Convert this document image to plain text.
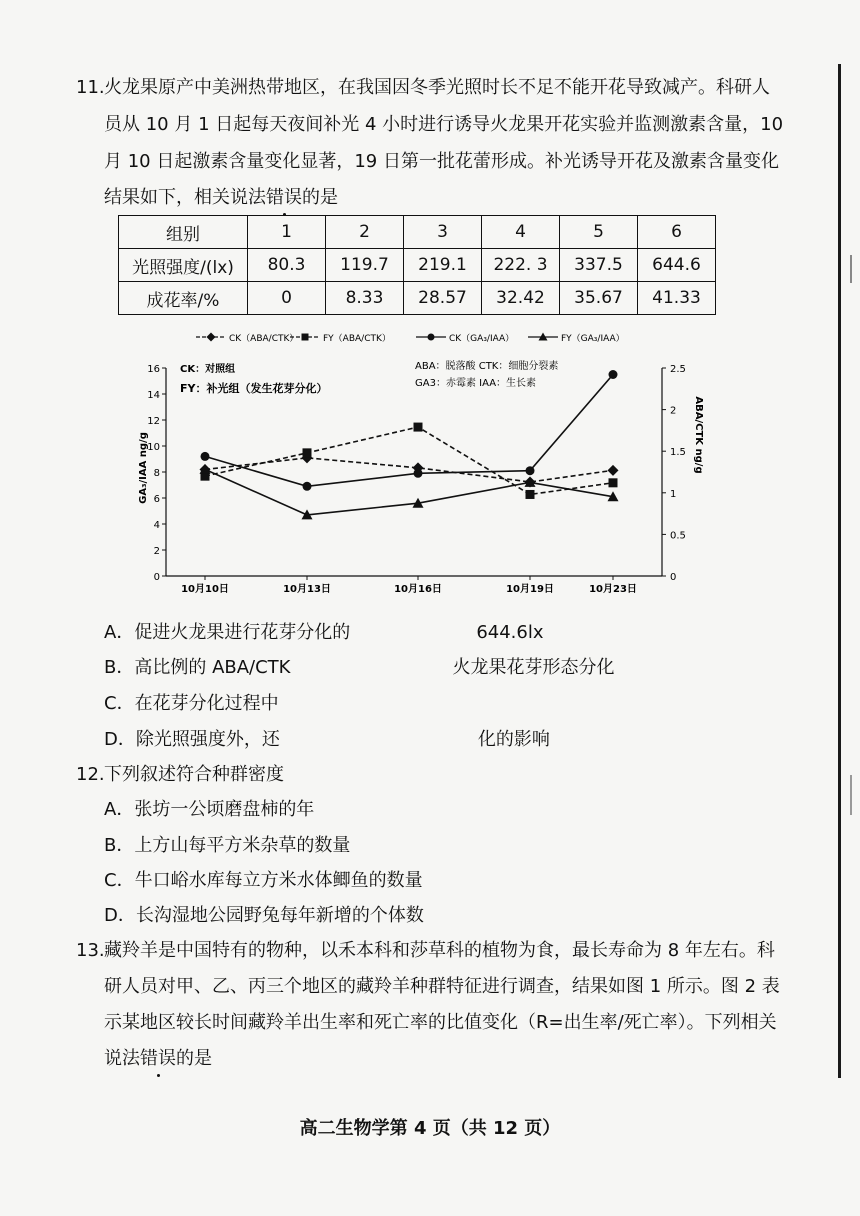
11. 火龙果原产中美洲热带地区，在我国因冬季光照时长不足不能开花导致减产。科研人
员从 10 月 1 日起每天夜间补光 4 小时进行诱导火龙果开花实验并监测激素含量，10
月 10 日起激素含量变化显著，19 日第一批花蕾形成。补光诱导开花及激素含量变化
结果如下，相关说法错误的是
组别	1	2	3	4	5	6
光照强度/(lx)	80.3	119.7	219.1	222. 3	337.5	644.6
成花率/%	0	8.33	28.57	32.42	35.67	41.33
0
2
4
6
8
10
12
14
16
0
0.5
1
1.5
2
2.5
10月10日	10月13日	10月16日	10月19日	10月23日
GA₃/IAA ng/g	ABA/CTK ng/g
CK（ABA/CTK）	FY（ABA/CTK）	CK（GA₃/IAA）	FY（GA₃/IAA）
CK：对照组
FY：补光组（发生花芽分化）
ABA：脱落酸 CTK：细胞分裂素
GA3：赤霉素 IAA：生长素
A．促进火龙果进行花芽分化的　　　　　　　	644.6lx
B．高比例的 ABA/CTK　　　　　　　　　	火龙果花芽形态分化
C．在花芽分化过程中
D．除光照强度外，还　　　　　　　　　　　	化的影响
12. 下列叙述符合种群密度
A．张坊一公顷磨盘柿的年
B．上方山每平方米杂草的数量
C．牛口峪水库每立方米水体鲫鱼的数量
D．长沟湿地公园野兔每年新增的个体数
13. 藏羚羊是中国特有的物种，以禾本科和莎草科的植物为食，最长寿命为 8 年左右。科
研人员对甲、乙、丙三个地区的藏羚羊种群特征进行调查，结果如图 1 所示。图 2 表
示某地区较长时间藏羚羊出生率和死亡率的比值变化（R=出生率/死亡率）。下列相关
说法错误的是
高二生物学第 4 页（共 12 页）
